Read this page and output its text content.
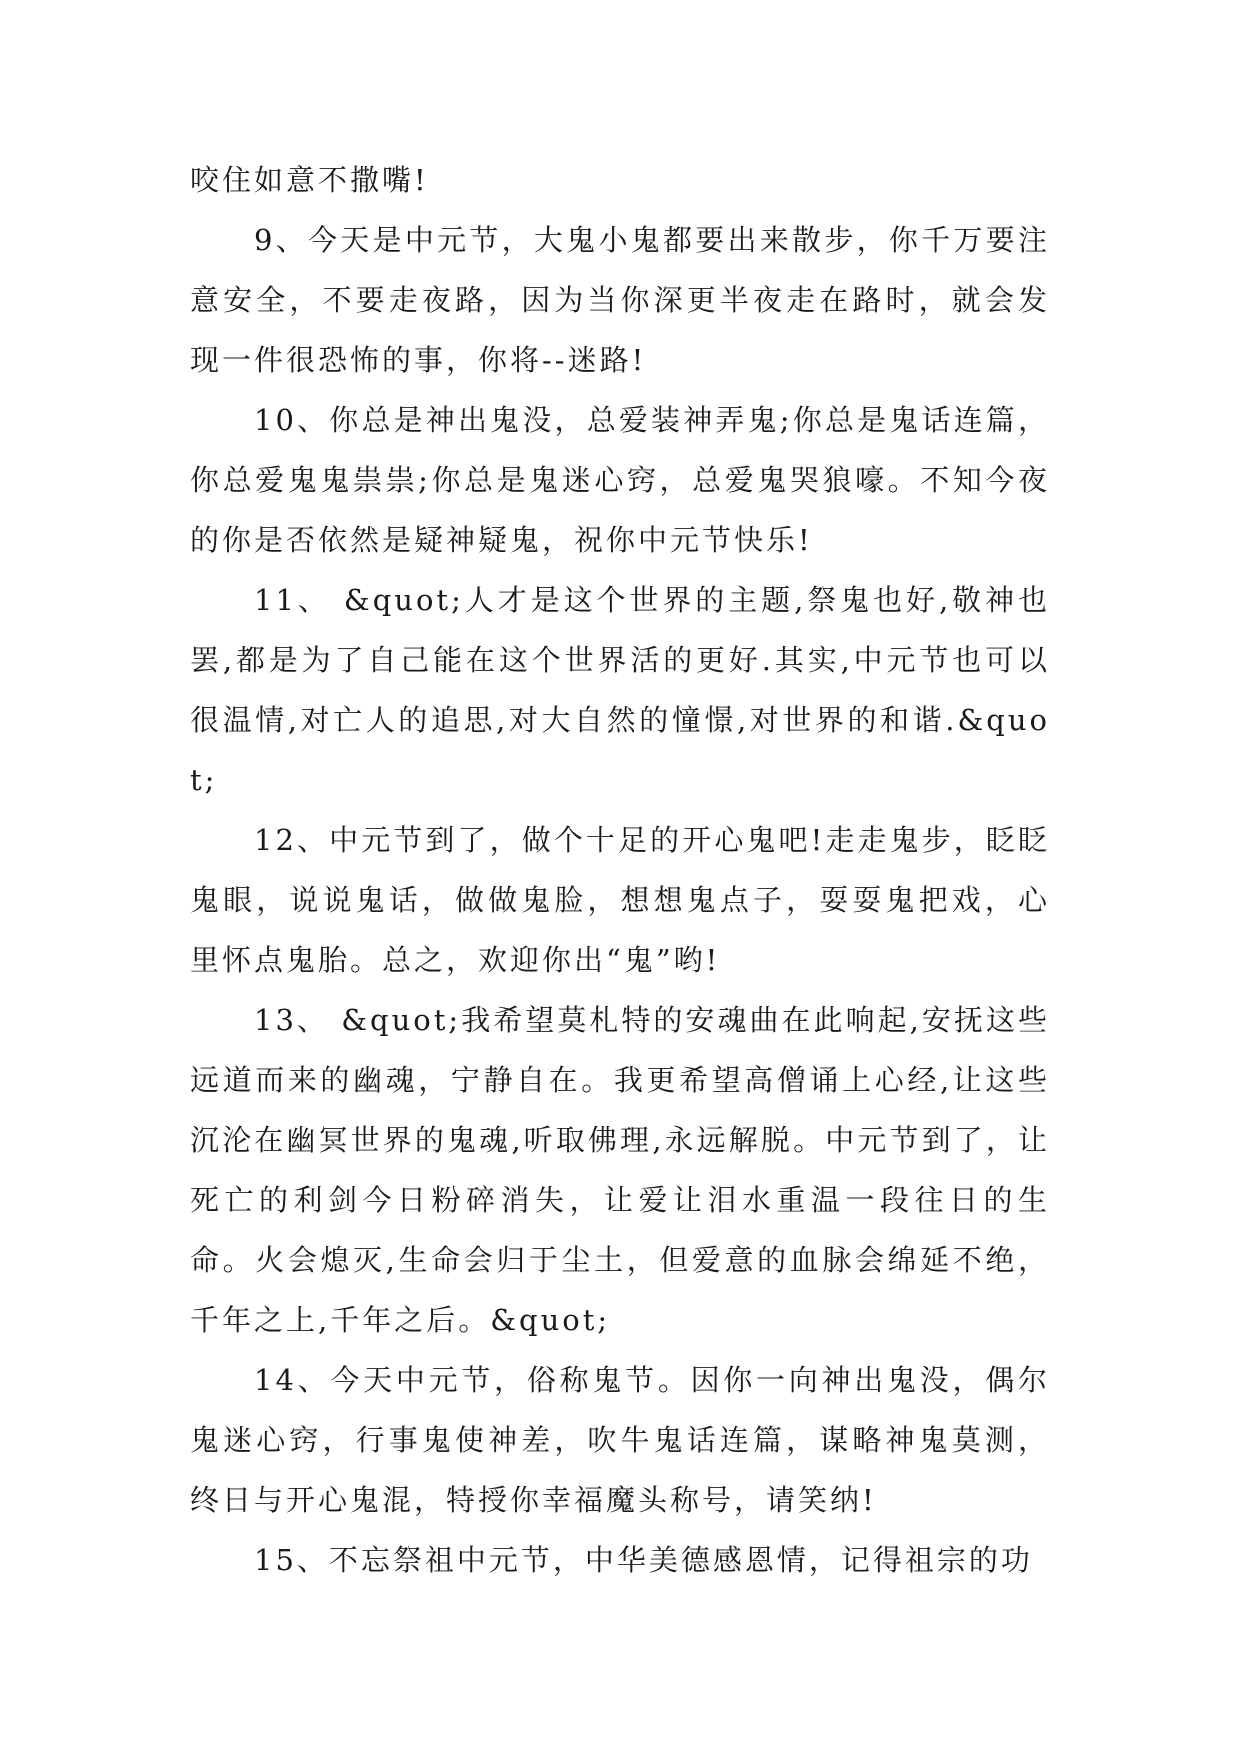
咬住如意不撒嘴!

9、今天是中元节，大鬼小鬼都要出来散步，你千万要注意安全，不要走夜路，因为当你深更半夜走在路时，就会发现一件很恐怖的事，你将--迷路!

10、你总是神出鬼没，总爱装神弄鬼;你总是鬼话连篇，你总爱鬼鬼祟祟;你总是鬼迷心窍，总爱鬼哭狼嚎。不知今夜的你是否依然是疑神疑鬼，祝你中元节快乐!

11、 &quot;人才是这个世界的主题,祭鬼也好,敬神也罢,都是为了自己能在这个世界活的更好.其实,中元节也可以很温情,对亡人的追思,对大自然的憧憬,对世界的和谐.&quot;

12、中元节到了，做个十足的开心鬼吧!走走鬼步，眨眨鬼眼，说说鬼话，做做鬼脸，想想鬼点子，耍耍鬼把戏，心里怀点鬼胎。总之，欢迎你出“鬼”哟!

13、 &quot;我希望莫札特的安魂曲在此响起,安抚这些远道而来的幽魂，宁静自在。我更希望高僧诵上心经,让这些沉沦在幽冥世界的鬼魂,听取佛理,永远解脱。中元节到了，让死亡的利剑今日粉碎消失，让爱让泪水重温一段往日的生命。火会熄灭,生命会归于尘土，但爱意的血脉会绵延不绝，千年之上,千年之后。&quot;

14、今天中元节，俗称鬼节。因你一向神出鬼没，偶尔鬼迷心窍，行事鬼使神差，吹牛鬼话连篇，谋略神鬼莫测，终日与开心鬼混，特授你幸福魔头称号，请笑纳!

15、不忘祭祖中元节，中华美德感恩情，记得祖宗的功
